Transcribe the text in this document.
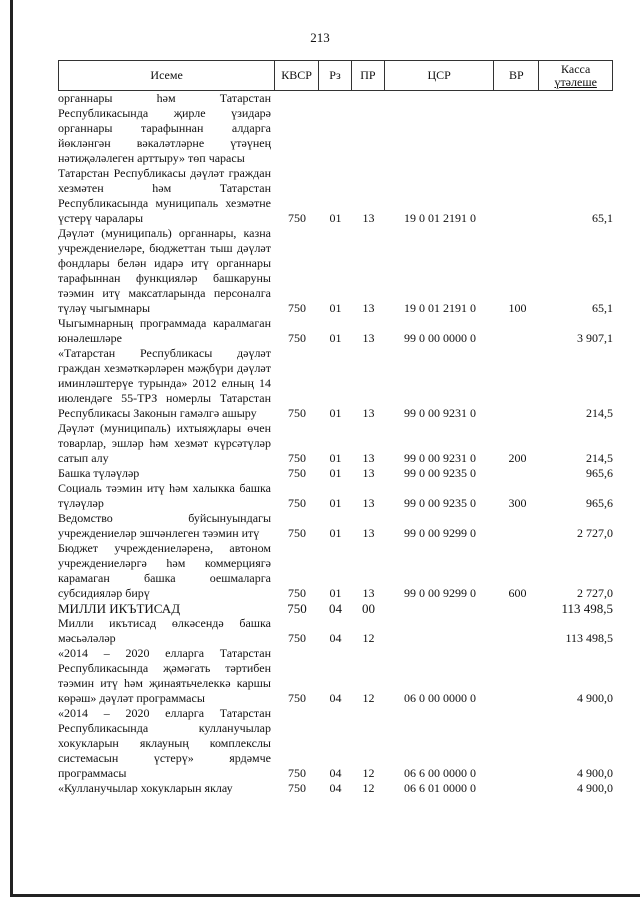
213
Исеме	КВСР	Рз	ПР	ЦСР	ВР	Касса
үтәлеше
органнары һәм Татарстан Республикасында җирле үзидарә органнары тарафыннан алдарга йөкләнгән вәкаләтләрне үтәүнең нәтиҗәләлеген арттыру» төп чарасы
Татарстан Республикасы дәүләт граждан хезмәтен һәм Татарстан Республикасында муниципаль хезмәтне үстерү чаралары	750	01	13	19 0 01 2191 0	65,1
Дәүләт (муниципаль) органнары, казна учреждениеләре, бюджеттан тыш дәүләт фондлары белән идарә итү органнары тарафыннан функцияләр башкаруны тәэмин итү максатларында персоналга түләү чыгымнары	750	01	13	19 0 01 2191 0	100	65,1
Чыгымнарның программада каралмаган юнәлешләре	750	01	13	99 0 00 0000 0	3 907,1
«Татарстан Республикасы дәүләт граждан хезмәткәрләрен мәҗбүри дәүләт иминләштерүе турында» 2012 елның 14 июлендәге 55-ТРЗ номерлы Татарстан Республикасы Законын гамәлгә ашыру	750	01	13	99 0 00 9231 0	214,5
Дәүләт (муниципаль) ихтыяҗлары өчен товарлар, эшләр һәм хезмәт күрсәтүләр сатып алу	750	01	13	99 0 00 9231 0	200	214,5
Башка түләүләр	750	01	13	99 0 00 9235 0	965,6
Социаль тәэмин итү һәм халыкка башка түләүләр	750	01	13	99 0 00 9235 0	300	965,6
Ведомство буйсынуындагы учреждениеләр эшчәнлеген тәэмин итү	750	01	13	99 0 00 9299 0	2 727,0
Бюджет учреждениеләренә, автоном учреждениеләргә һәм коммерциягә карамаган башка оешмаларга субсидияләр бирү	750	01	13	99 0 00 9299 0	600	2 727,0
МИЛЛИ ИКЪТИСАД	750	04	00	113 498,5
Милли икътисад өлкәсендә башка мәсьәләләр	750	04	12	113 498,5
«2014 – 2020 елларга Татарстан Республикасында җәмәгать тәртибен тәэмин итү һәм җинаятьчелеккә каршы көрәш» дәүләт программасы	750	04	12	06 0 00 0000 0	4 900,0
«2014 – 2020 елларга Татарстан Республикасында кулланучылар хокукларын яклауның комплекслы системасын үстерү» ярдәмче программасы	750	04	12	06 6 00 0000 0	4 900,0
«Кулланучылар хокукларын яклау	750	04	12	06 6 01 0000 0	4 900,0
